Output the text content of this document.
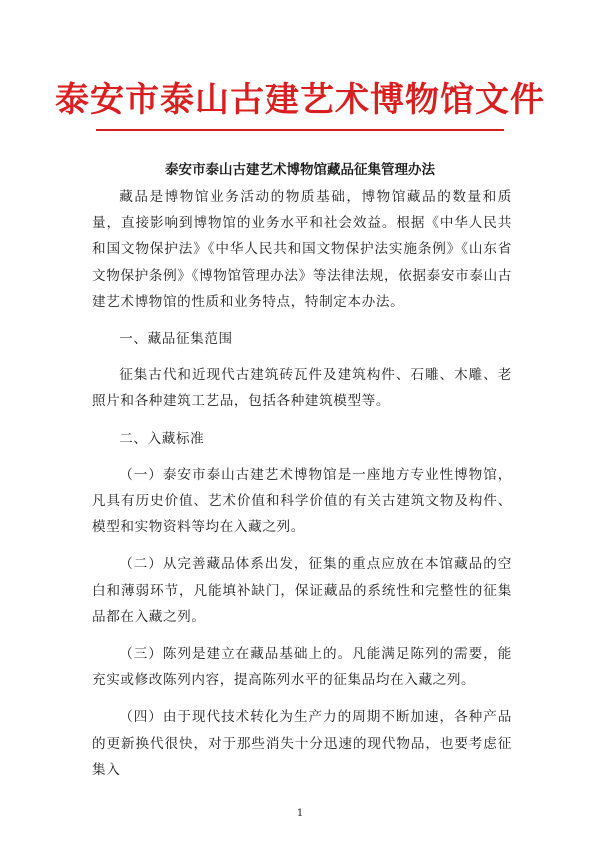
泰安市泰山古建艺术博物馆文件
泰安市泰山古建艺术博物馆藏品征集管理办法

藏品是博物馆业务活动的物质基础，博物馆藏品的数量和质量，直接影响到博物馆的业务水平和社会效益。根据《中华人民共和国文物保护法》《中华人民共和国文物保护法实施条例》《山东省文物保护条例》《博物馆管理办法》等法律法规，依据泰安市泰山古建艺术博物馆的性质和业务特点，特制定本办法。

一、藏品征集范围

征集古代和近现代古建筑砖瓦件及建筑构件、石雕、木雕、老照片和各种建筑工艺品，包括各种建筑模型等。

二、入藏标准

（一）泰安市泰山古建艺术博物馆是一座地方专业性博物馆，凡具有历史价值、艺术价值和科学价值的有关古建筑文物及构件、模型和实物资料等均在入藏之列。

（二）从完善藏品体系出发，征集的重点应放在本馆藏品的空白和薄弱环节，凡能填补缺门，保证藏品的系统性和完整性的征集品都在入藏之列。

（三）陈列是建立在藏品基础上的。凡能满足陈列的需要，能充实或修改陈列内容，提高陈列水平的征集品均在入藏之列。

（四）由于现代技术转化为生产力的周期不断加速，各种产品的更新换代很快，对于那些消失十分迅速的现代物品，也要考虑征集入

1
